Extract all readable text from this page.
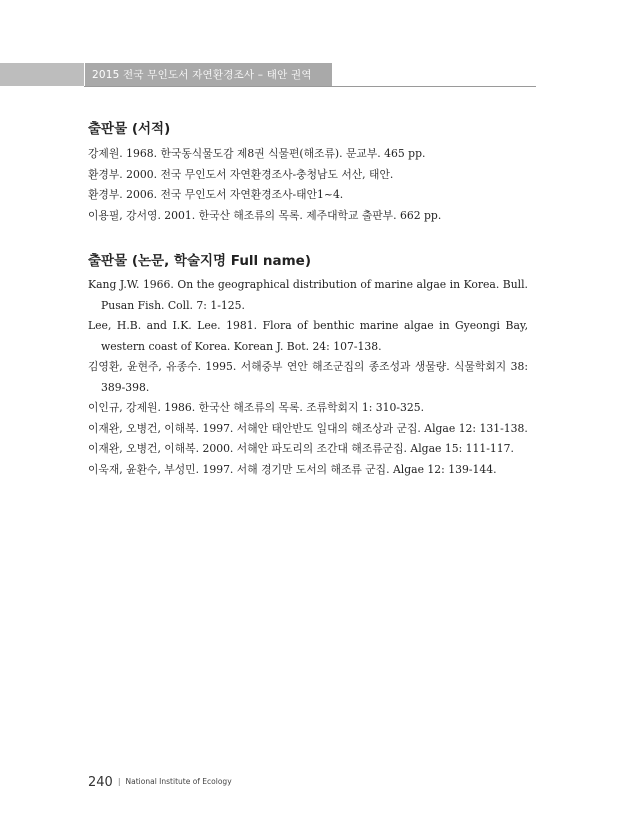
2015 전국 무인도서 자연환경조사 – 태안 권역
출판물 (서적)
강제원. 1968. 한국동식물도감 제8권 식물편(해조류). 문교부. 465 pp.
환경부. 2000. 전국 무인도서 자연환경조사-충청남도 서산, 태안.
환경부. 2006. 전국 무인도서 자연환경조사-태안1~4.
이용필, 강서영. 2001. 한국산 해조류의 목록. 제주대학교 출판부. 662 pp.
출판물 (논문, 학술지명 Full name)
Kang J.W. 1966. On the geographical distribution of marine algae in Korea. Bull. Pusan Fish. Coll. 7: 1-125.
Lee, H.B. and I.K. Lee. 1981. Flora of benthic marine algae in Gyeongi Bay, western coast of Korea. Korean J. Bot. 24: 107-138.
김영환, 윤현주, 유종수. 1995. 서해중부 연안 해조군집의 종조성과 생물량. 식물학회지 38: 389-398.
이인규, 강제원. 1986. 한국산 해조류의 목록. 조류학회지 1: 310-325.
이재완, 오병건, 이해복. 1997. 서해안 태안반도 일대의 해조상과 군집. Algae 12: 131-138.
이재완, 오병건, 이해복. 2000. 서해안 파도리의 조간대 해조류군집. Algae 15: 111-117.
이욱재, 윤환수, 부성민. 1997. 서해 경기만 도서의 해조류 군집. Algae 12: 139-144.
240 | National Institute of Ecology
